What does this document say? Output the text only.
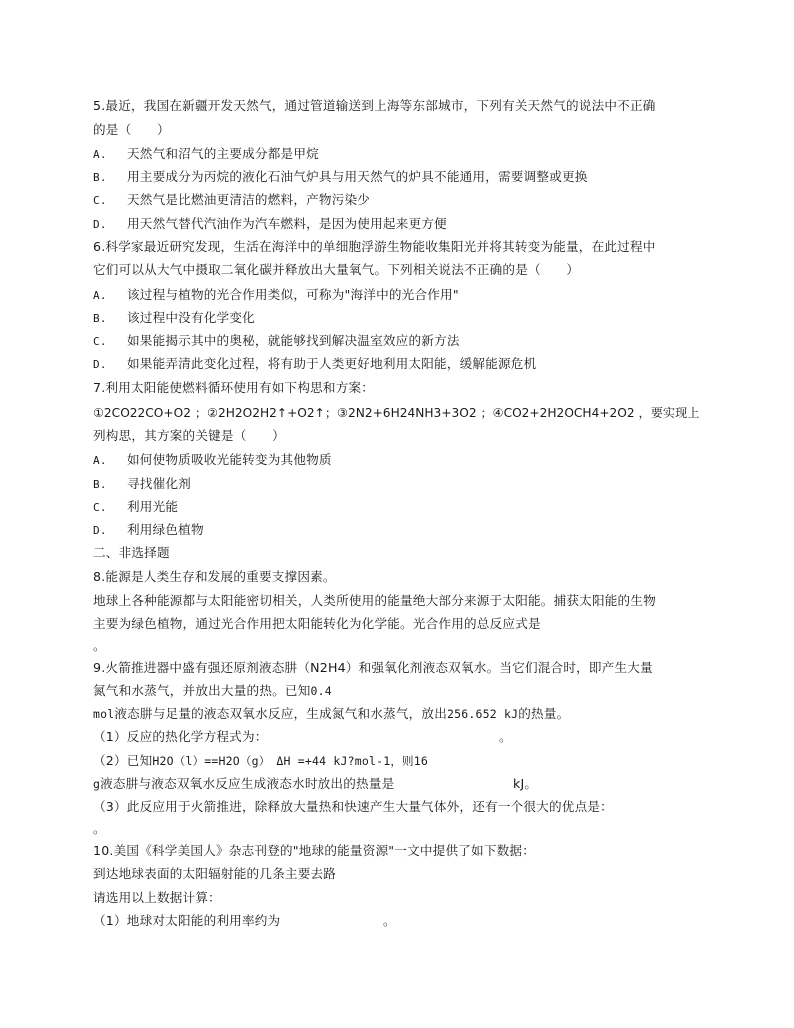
5.最近，我国在新疆开发天然气，通过管道输送到上海等东部城市，下列有关天然气的说法中不正确
的是（　　）
A. 天然气和沼气的主要成分都是甲烷
B. 用主要成分为丙烷的液化石油气炉具与用天然气的炉具不能通用，需要调整或更换
C. 天然气是比燃油更清洁的燃料，产物污染少
D. 用天然气替代汽油作为汽车燃料，是因为使用起来更方便
6.科学家最近研究发现，生活在海洋中的单细胞浮游生物能收集阳光并将其转变为能量，在此过程中
它们可以从大气中摄取二氧化碳并释放出大量氧气。下列相关说法不正确的是（　　）
A. 该过程与植物的光合作用类似，可称为"海洋中的光合作用"
B. 该过程中没有化学变化
C. 如果能揭示其中的奥秘，就能够找到解决温室效应的新方法
D. 如果能弄清此变化过程，将有助于人类更好地利用太阳能，缓解能源危机
7.利用太阳能使燃料循环使用有如下构思和方案：
①2CO22CO+O2 ；②2H2O2H2↑+O2↑；③2N2+6H24NH3+3O2 ；④CO2+2H2OCH4+2O2 ，要实现上
列构思，其方案的关键是（　　）
A. 如何使物质吸收光能转变为其他物质
B. 寻找催化剂
C. 利用光能
D. 利用绿色植物
二、非选择题
8.能源是人类生存和发展的重要支撑因素。
地球上各种能源都与太阳能密切相关，人类所使用的能量绝大部分来源于太阳能。捕获太阳能的生物
主要为绿色植物，通过光合作用把太阳能转化为化学能。光合作用的总反应式是
。
9.火箭推进器中盛有强还原剂液态肼（N2H4）和强氧化剂液态双氧水。当它们混合时，即产生大量
氮气和水蒸气，并放出大量的热。已知0.4
mol液态肼与足量的液态双氧水反应，生成氮气和水蒸气，放出256.652 kJ的热量。
（1）反应的热化学方程式为：	。
（2）已知H2O（l）==H2O（g）　ΔH =+44 kJ?mol-1，则16
g液态肼与液态双氧水反应生成液态水时放出的热量是	kJ。
（3）此反应用于火箭推进，除释放大量热和快速产生大量气体外，还有一个很大的优点是：
。
10.美国《科学美国人》杂志刊登的"地球的能量资源"一文中提供了如下数据：
到达地球表面的太阳辐射能的几条主要去路
请选用以上数据计算：
（1）地球对太阳能的利用率约为	。
